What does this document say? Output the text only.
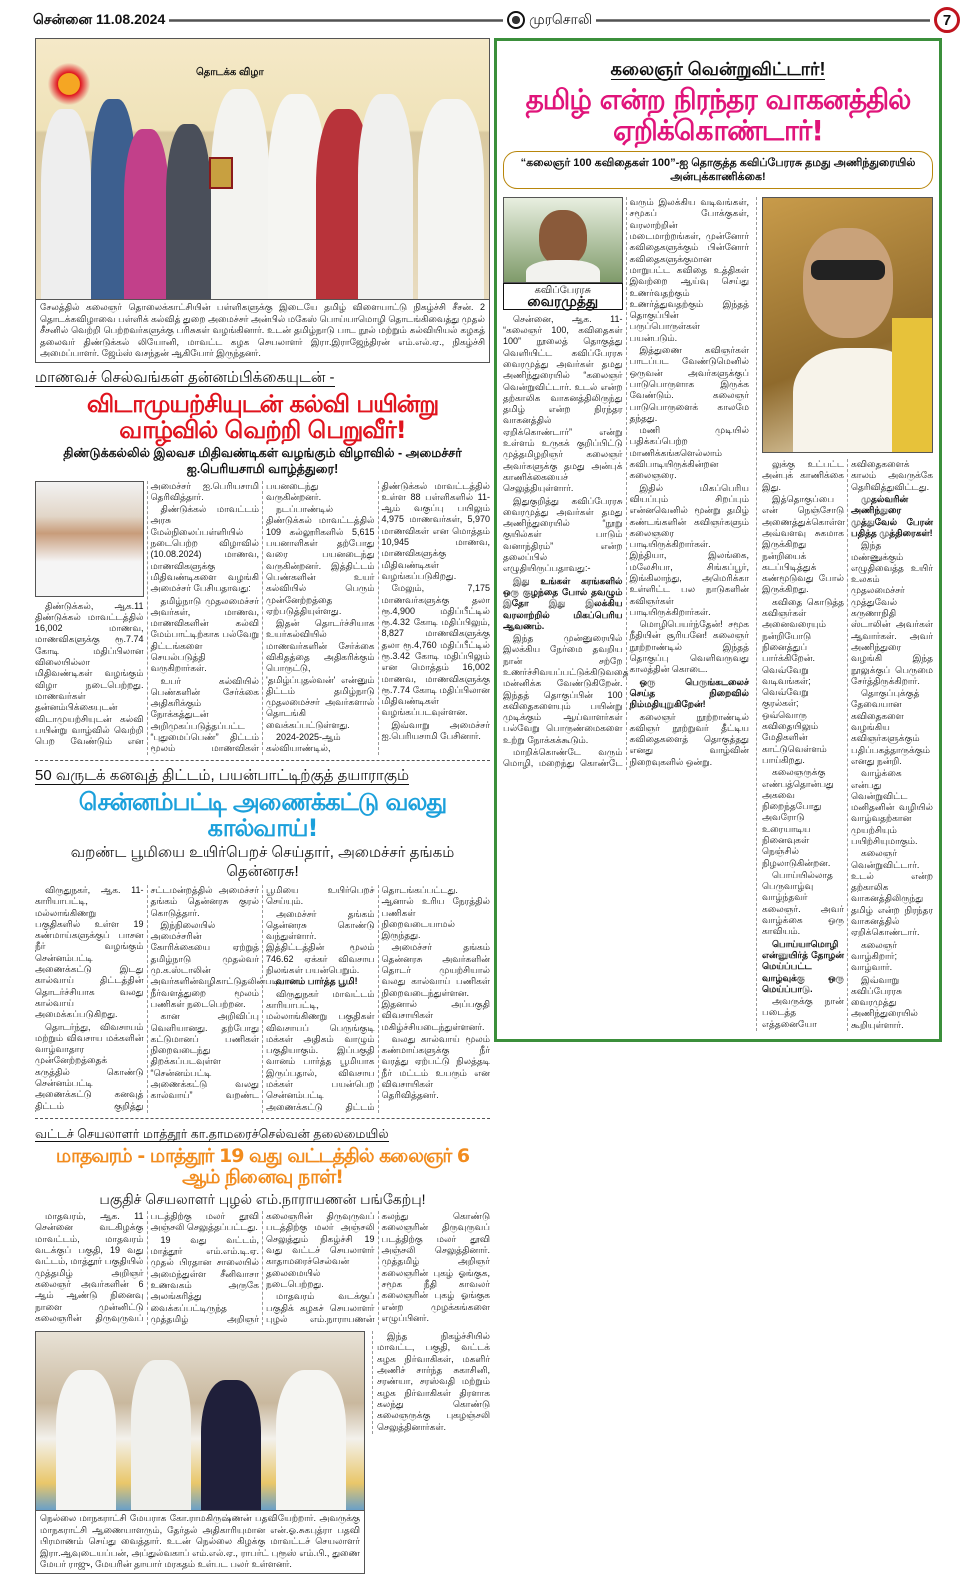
சென்னை 11.08.2024	முரசொலி	7
தொடக்க விழா
சேலத்தில் கலைஞர் தொலைக்காட்சியின் பள்ளிகளுக்கு இடையே தமிழ் விளையாட்டு நிகழ்ச்சி சீசன். 2 தொடக்கவிழாவை பள்ளிக் கல்வித் துறை அமைச்சர் அன்பில் மகேஸ் பொய்யாமொழி தொடங்கிவைத்து முதல் சீசனில் வெற்றி பெற்றவர்களுக்கு பரிசுகள் வழங்கினார். உடன் தமிழ்நாடு பாட நூல் மற்றும் கல்வியியல் கழகத் தலைவர் திண்டுக்கல் லியோனி, மாவட்ட கழக செயலாளர் இரா.இராஜேந்திரன் எம்.எல்.ஏ., நிகழ்ச்சி அமைப்பாளர். ஜேம்ஸ் வசந்தன் ஆகியோர் இருந்தனர்.
மாணவச் செல்வங்கள் தன்னம்பிக்கையுடன் -
விடாமுயற்சியுடன் கல்வி பயின்று வாழ்வில் வெற்றி பெறுவீர்!
திண்டுக்கல்லில் இலவச மிதிவண்டிகள் வழங்கும் விழாவில் - அமைச்சர் ஐ.பெரியசாமி வாழ்த்துரை!

திண்டுக்கல், ஆக.11 திண்டுக்கல் மாவட்டத்தில் 16,002 மாணவ, மாணவிகளுக்கு ரூ.7.74 கோடி மதிப்பிலான விலையில்லா மிதிவண்டிகள் வழங்கும் விழா நடைபெற்றது. மாணவர்கள் தன்னம்பிக்கையுடன் விடாமுயற்சியுடன் கல்வி பயின்று வாழ்வில் வெற்றி பெற வேண்டும் என அமைச்சர் ஐ.பெரியசாமி தெரிவித்தார்.

திண்டுக்கல் மாவட்டம் அரசு மேல்நிலைப்பள்ளியில் நடைபெற்ற விழாவில் (10.08.2024) மாணவ, மாணவிகளுக்கு மிதிவண்டிகளை வழங்கி அமைச்சர் பேசியதாவது:

தமிழ்நாடு முதலமைச்சர் அவர்கள், மாணவ, மாணவிகளின் கல்வி மேம்பாட்டிற்காக பல்வேறு திட்டங்களை செயல்படுத்தி வருகிறார்கள்.

உயர் கல்வியில் பெண்களின் சேர்க்கை அதிகரிக்கும் நோக்கத்துடன் அறிமுகப்படுத்தப்பட்ட “புதுமைப்பெண்” திட்டம் மூலம் மாணவிகள் பயனடைந்து வருகின்றனர்.

நடப்பாண்டில் திண்டுக்கல் மாவட்டத்தில் 109 கல்லூரிகளில் 5,615 பயனாளிகள் தற்போது வரை பயனடைந்து வருகின்றனர். இத்திட்டம் பெண்களின் உயர் கல்வியில் பெரும் முன்னேற்றத்தை ஏற்படுத்தியுள்ளது.

இதன் தொடர்ச்சியாக உயர்கல்வியில் மாணவர்களின் சேர்க்கை விகிதத்தை அதிகரிக்கும் பொருட்டு, 'தமிழ்ப்புதல்வன்' என்னும் திட்டம் தமிழ்நாடு முதலமைச்சர் அவர்களால் தொடங்கி வைக்கப்பட்டுள்ளது.

2024-2025-ஆம் கல்வியாண்டில், திண்டுக்கல் மாவட்டத்தில் உள்ள 88 பள்ளிகளில் 11-ஆம் வகுப்பு பயிலும் 4,975 மாணவர்கள், 5,970 மாணவிகள் என மொத்தம் 10,945 மாணவ, மாணவிகளுக்கு மிதிவண்டிகள் வழங்கப்படுகிறது.

மேலும், 7,175 மாணவர்களுக்கு தலா ரூ.4,900 மதிப்பீட்டில் ரூ.4.32 கோடி மதிப்பிலும், 8,827 மாணவிகளுக்கு தலா ரூ.4,760 மதிப்பீட்டில் ரூ.3.42 கோடி மதிப்பிலும் என மொத்தம் 16,002 மாணவ, மாணவிகளுக்கு ரூ.7.74 கோடி மதிப்பிலான மிதிவண்டிகள் வழங்கப்படவுள்ளன.

இவ்வாறு அமைச்சர் ஐ.பெரியசாமி பேசினார்.

50 வருடக் கனவுத் திட்டம், பயன்பாட்டிற்குத் தயாராகும்
சென்னம்பட்டி அணைக்கட்டு வலது கால்வாய்!
வறண்ட பூமியை உயிர்பெறச் செய்தார், அமைச்சர் தங்கம் தென்னரசு!

விருதுநகர், ஆக. 11- காரியாபட்டி, மல்லாங்கிணறு பகுதிகளில் உள்ள 19 கண்மாய்களுக்குப் பாசன நீர் வழங்கும் சென்னம்பட்டி அணைக்கட்டு இடது கால்வாய் திட்டத்தின் தொடர்ச்சியாக வலது கால்வாய் அமைக்கப்படுகிறது.

தொடர்ந்து, விவசாயம் மற்றும் விவசாய மக்களின் வாழ்வாதார முன்னேற்றத்தைக் கருத்தில் கொண்டு சென்னம்பட்டி அணைக்கட்டு கனவுத் திட்டம் குறித்து சட்டமன்றத்தில் அமைச்சர் தங்கம் தென்னரசு குரல் கொடுத்தார்.

இந்நிலையில் அமைச்சரின் கோரிக்கையை ஏற்றுத் தமிழ்நாடு முதல்வர் மு.க.ஸ்டாலின் அவர்களின்வழிகாட்டுதலின்படி நீர்வளத்துறை மூலம் பணிகள் நடைபெற்றன.

கான அறிவிப்பு வெளியானது. தற்போது கட்டுமானப் பணிகள் நிறைவடைந்து திறக்கப்படவுள்ள “சென்னம்பட்டி அணைக்கட்டு வலது கால்வாய்” வறண்ட பூமியை உயிர்பெறச் செய்யும்.

அமைச்சர் தங்கம் தென்னரசு கொண்டு வந்துள்ளார். இத்திட்டத்தின் மூலம் 746.62 ஏக்கர் விவசாய நிலங்கள் பயன்பெறும்.

வானம் பார்த்த பூமி!

விருதுநகர் மாவட்டம் காரியாபட்டி, மல்லாங்கிணறு பகுதிகள் விவசாயப் பெருங்குடி மக்கள் அதிகம் வாழும் பகுதியாகும். இப்பகுதி வானம் பார்த்த பூமியாக இருப்பதால், விவசாய மக்கள் பயன்பெற சென்னம்பட்டி அணைக்கட்டு திட்டம் தொடங்கப்பட்டது. ஆனால் உரிய நேரத்தில் பணிகள் நிறைவடையாமல் இருந்தது.

அமைச்சர் தங்கம் தென்னரசு அவர்களின் தொடர் முயற்சியால் வலது கால்வாய் பணிகள் நிறைவடைந்துள்ளன. இதனால் அப்பகுதி விவசாயிகள் மகிழ்ச்சியடைந்துள்ளனர்.

வலது கால்வாய் மூலம் கண்மாய்களுக்கு நீர் வரத்து ஏற்பட்டு நிலத்தடி நீர் மட்டம் உயரும் என விவசாயிகள் தெரிவித்தனர்.

வட்டச் செயலாளர் மாத்தூர் கா.தாமரைச்செல்வன் தலைமையில்
மாதவரம் - மாத்தூர் 19 வது வட்டத்தில் கலைஞர் 6 ஆம் நினைவு நாள்!
பகுதிச் செயலாளர் புழல் எம்.நாராயணன் பங்கேற்பு!

மாதவரம், ஆக. 11 சென்னை வடகிழக்கு மாவட்டம், மாதவரம் வடக்குப் பகுதி, 19 வது வட்டம், மாத்தூர் பகுதியில் முத்தமிழ் அறிஞர் கலைஞர் அவர்களின் 6 ஆம் ஆண்டு நினைவு நாளை முன்னிட்டு கலைஞரின் திருவுருவப் படத்திற்கு மலர் தூவி அஞ்சலி செலுத்தப்பட்டது.

19 வது வட்டம், மாத்தூர் எம்.எம்.டி.ஏ. முதல் பிரதான சாலையில் அமைந்துள்ள சீனிவாசா உணவகம் அருகே அலங்கரித்து வைக்கப்பட்டிருந்த முத்தமிழ் அறிஞர் கலைஞரின் திருவுருவப் படத்திற்கு மலர் அஞ்சலி செலுத்தும் நிகழ்ச்சி 19 வது வட்டச் செயலாளர் காதாமரைச்செல்வன் தலைமையில் நடைபெற்றது.

மாதவரம் வடக்குப் பகுதிக் கழகச் செயலாளர் புழல் எம்.நாராயணன் கலந்து கொண்டு கலைஞரின் திருவுருவப் படத்திற்கு மலர் தூவி அஞ்சலி செலுத்தினார். முத்தமிழ் அறிஞர் கலைஞரின் புகழ் ஓங்குக, சமூக நீதி காவலர் கலைஞரின் புகழ் ஓங்குக என்ற முழக்கங்களை எழுப்பினர்.

நெல்லை மாநகராட்சி மேயராக கோ.ராமகிருஷ்ணன் பதவியேற்றார். அவருக்கு மாநகராட்சி ஆணையாளரும், தேர்தல் அதிகாரியுமான என்.ஓ.சுகபுத்ரா பதவி பிரமாணம் செய்து வைத்தார். உடன் நெல்லை கிழக்கு மாவட்டச் செயலாளர் இரா.ஆவுடையப்பன், அப்துல்வகாப் எம்.எல்.ஏ., ராபர்ட் புரூஸ் எம்.பி., துணை மேயர் ராஜு, மேயரின் தாயார் மரகதம் உள்பட பலர் உள்ளனர்.

இந்த நிகழ்ச்சியில் மாவட்ட, பகுதி, வட்டக் கழக நிர்வாகிகள், மகளிர் அணிச் சார்ந்த சுகாசினி, சரண்யா, சரஸ்வதி மற்றும் கழக நிர்வாகிகள் திரளாக கலந்து கொண்டு கலைஞருக்கு புகழஞ்சலி செலுத்தினார்கள்.

கலைஞர் வென்றுவிட்டார்!
தமிழ் என்ற நிரந்தர வாகனத்தில் ஏறிக்கொண்டார்!
“கலைஞர் 100 கவிதைகள் 100”-ஐ தொகுத்த கவிப்பேரரசு தமது அணிந்துரையில் அன்புக்காணிக்கை!
கவிப்பேரரசு
வைரமுத்து

சென்னை, ஆக. 11- “கலைஞர் 100, கவிதைகள் 100” நூலைத் தொகுத்து வெளியிட்ட கவிப்பேரரசு வைரமுத்து அவர்கள் தமது அணிந்துரையில் “கலைஞர் வென்றுவிட்டார். உடல் என்ற தற்காலிக வாகனத்திலிருந்து தமிழ் என்ற நிரந்தர வாகனத்தில் ஏறிக்கொண்டார்” என்று உள்ளம் உருகக் குறிப்பிட்டு முத்தமிழறிஞர் கலைஞர் அவர்களுக்கு தமது அன்புக் காணிக்கையைச் செலுத்தியுள்ளார்.

இதுகுறித்து கவிப்பேரரசு வைரமுத்து அவர்கள் தமது அணிந்துரையில் “நூறு குயில்கள் பாடும் வனாந்திரம்” என்ற தலைப்பில் எழுதியிருப்பதாவது:-

இது உங்கள் கரங்களில் ஒரு குழந்தை போல் தவழும் இதோ இது இலக்கிய வரலாற்றில் மிகப்பெரிய ஆவணம்.

இந்த முன்னுரையில் இலக்கிய நேர்மை தவறிய நான் சற்றே உணர்ச்சிவயப்பட்டுக்கிடுவதை மன்னிக்க வேண்டுகிறேன். இந்தத் தொகுப்பின் 100 கவிதைகளையும் பயின்று முடிக்கும் ஆய்வாளர்கள் பல்வேறு பொருண்மைகளை உற்று நோக்கக்கூடும்.

மாறிக்கொண்டே வரும் மொழி, மறைந்து கொண்டே வரும் இலக்கிய வடிவங்கள், சமூகப் போக்குகள், வரலாற்றின் மடைமாற்றங்கள், முன்னோர் கவிதைகளுக்கும் பின்னோர் கவிதைகளுக்குமான மாறுபட்ட கவிதை உத்திகள் இவற்றை ஆய்வு செய்து உணர்வதற்கும் உணர்த்துவதற்கும் இந்தத் தொகுப்பின் பருப்பொருள்கள் பயன்படும்.

இத்துணை கவிஞர்கள் பாடப்பட வேண்டுமெனில் ஒருவன் அவர்களுக்குப் பாடுபொருளாக இருக்க வேண்டும். கலைஞர் பாடுபொருளைக் காலமே தந்தது.

மணி முடியில் பதிக்கப்பெற்ற மாணிக்கங்களெல்லாம் கவிபாடியிருக்கின்றன கலைஞரை.

இதில் மிகப்பெரிய வியப்பும் சிறப்பும் என்னவெனில் மூன்று தமிழ் கண்டங்களின் கவிஞர்களும் கலைஞரை பாடியிருக்கிறார்கள். இந்தியா, இலங்கை, மலேசியா, சிங்கப்பூர், இங்கிலாந்து, அமெரிக்கா உள்ளிட்ட பல நாடுகளின் கவிஞர்கள் பாடியிருக்கிறார்கள்.

மொழிபெயர்ந்தேன்! சமூக நீதியின் சூரியனே! கலைஞர் நூற்றாண்டில் இந்தத் தொகுப்பு வெளிவருவது காலத்தின் கொடை.

ஒரு பெருங்கடலைச் செய்த நிறைவில் நிம்மதியுறுகிறேன்!

கலைஞர் நூற்றாண்டில் கவிஞர் நூற்றுவர் தீட்டிய கவிதைகளைத் தொகுத்தது எனது வாழ்வின் நிறைவுகளில் ஒன்று.

லுக்கு உட்பட்ட அன்புக் காணிக்கை இது.

இத்தொகுப்பை என் நெஞ்சோடு அணைத்துக்கொள்ள அவ்வளவு சுகமாக இருக்கிறது நன்றியைக் கடப்பிடித்துக் கண்மூடுவது போல் இருக்கிறது.

கவிதை கொடுத்த கவிஞர்கள் அனைவரையும் நன்றியோடு நினைத்துப் பார்க்கிறேன். வெவ்வேறு வடிவங்கள்; வெவ்வேறு குரல்கள்; ஒவ்வொரு கவிதையிலும் மேதிகளின் காட்டுவெள்ளம் பாய்கிறது.

கலைஞருக்கு எண்பத்தொன்பது அகவை நிறைந்தபோது அவரோடு உரையாடிய நினைவுகள் நெஞ்சில் நிழலாடுகின்றன.

பொய்யில்லாத பெருவாழ்வு வாழ்ந்தவர் கலைஞர். அவர் வாழ்க்கை ஒரு காவியம்.

பொய்யாமொழி என்னுயிர்த் தோழன் மெய்ப்பட்ட வாழ்வுக்கு ஒரு மெய்ப்பாடு.

அவருக்கு நான் படைத்த எத்தனையோ கவிதைகளைக் காலம் அவருக்கே தெரிவித்துவிட்டது.

முதல்வரின் அணிந்துரை முத்துவேல் பேரன் பதித்த முத்திரைகள்!

இந்த மண்ணுக்கும் எழுதிவைத்த உயிர் உலகம் முதலமைச்சர் முத்துவேல் கருணாநிதி ஸ்டாலின் அவர்கள் ஆவார்கள். அவர் அணிந்துரை வழங்கி இந்த நூலுக்குப் பெருமை சேர்த்திருக்கிறார்.

தொகுப்புக்குத் தேவையான கவிதைகளை வழங்கிய கவிஞர்களுக்கும் பதிப்பகத்தாருக்கும் எனது நன்றி.

வாழ்க்கை என்பது வென்றுவிட்ட மனிதனின் வழியில் வாழ்வதற்கான முயற்சியும் பயிற்சியுமாகும்.

கலைஞர் வென்றுவிட்டார். உடல் என்ற தற்காலிக வாகனத்திலிருந்து தமிழ் என்ற நிரந்தர வாகனத்தில் ஏறிக்கொண்டார்.

கலைஞர் வாழ்கிறார்; வாழ்வார்.

இவ்வாறு கவிப்பேரரசு வைரமுத்து அணிந்துரையில் கூறியுள்ளார்.
